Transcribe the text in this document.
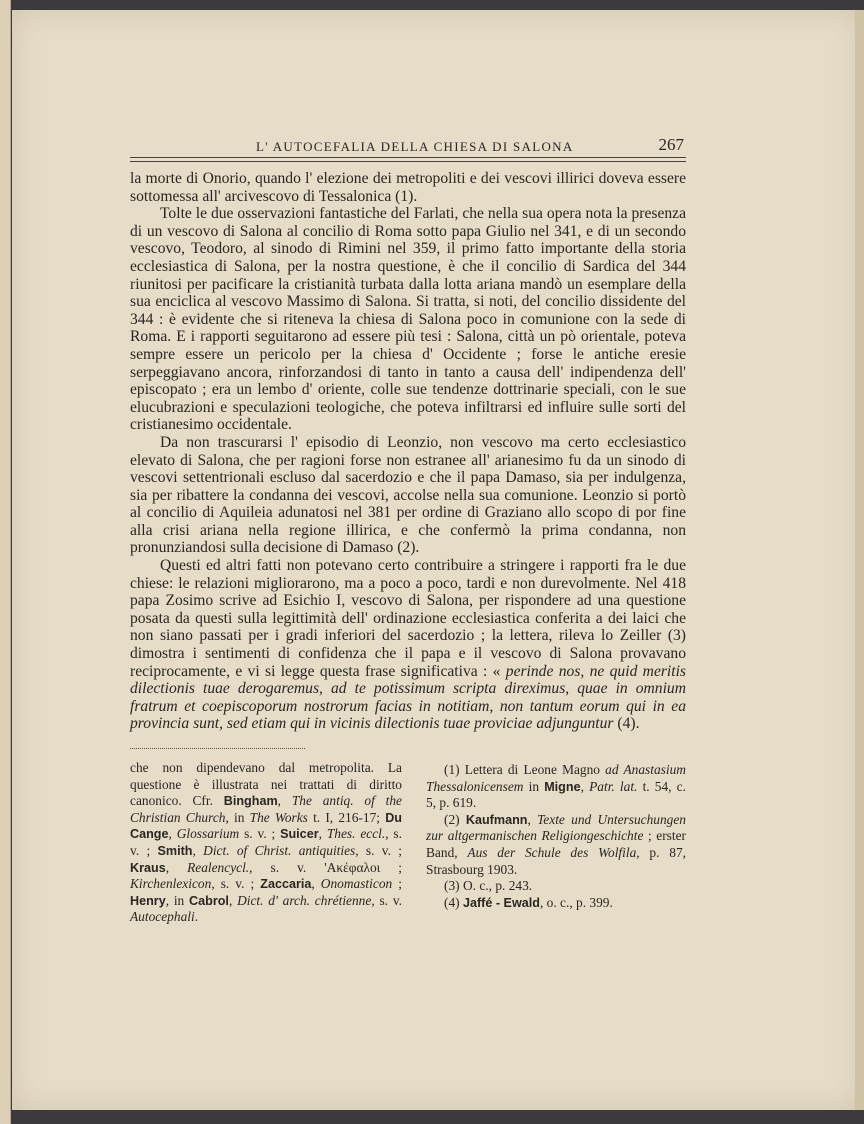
L' AUTOCEFALIA DELLA CHIESA DI SALONA	267

la morte di Onorio, quando l' elezione dei metropoliti e dei vescovi illirici doveva essere sottomessa all' arcivescovo di Tessalonica (1).

Tolte le due osservazioni fantastiche del Farlati, che nella sua opera nota la presenza di un vescovo di Salona al concilio di Roma sotto papa Giulio nel 341, e di un secondo vescovo, Teodoro, al sinodo di Rimini nel 359, il primo fatto importante della storia ecclesiastica di Salona, per la nostra questione, è che il concilio di Sardica del 344 riunitosi per pacificare la cristianità turbata dalla lotta ariana mandò un esemplare della sua enciclica al vescovo Massimo di Salona. Si tratta, si noti, del concilio dissidente del 344 : è evidente che si riteneva la chiesa di Salona poco in comunione con la sede di Roma. E i rapporti seguitarono ad essere più tesi : Salona, città un pò orientale, poteva sempre essere un pericolo per la chiesa d' Occidente ; forse le antiche eresie serpeggiavano ancora, rinforzandosi di tanto in tanto a causa dell' indipendenza dell' episcopato ; era un lembo d' oriente, colle sue tendenze dottrinarie speciali, con le sue elucubrazioni e speculazioni teologiche, che poteva infiltrarsi ed influire sulle sorti del cristianesimo occidentale.

Da non trascurarsi l' episodio di Leonzio, non vescovo ma certo ecclesiastico elevato di Salona, che per ragioni forse non estranee all' arianesimo fu da un sinodo di vescovi settentrionali escluso dal sacerdozio e che il papa Damaso, sia per indulgenza, sia per ribattere la condanna dei vescovi, accolse nella sua comunione. Leonzio si portò al concilio di Aquileia adunatosi nel 381 per ordine di Graziano allo scopo di por fine alla crisi ariana nella regione illirica, e che confermò la prima condanna, non pronunziandosi sulla decisione di Damaso (2).

Questi ed altri fatti non potevano certo contribuire a stringere i rapporti fra le due chiese: le relazioni migliorarono, ma a poco a poco, tardi e non durevolmente. Nel 418 papa Zosimo scrive ad Esichio I, vescovo di Salona, per rispondere ad una questione posata da questi sulla legittimità dell' ordinazione ecclesiastica conferita a dei laici che non siano passati per i gradi inferiori del sacerdozio ; la lettera, rileva lo Zeiller (3) dimostra i sentimenti di confidenza che il papa e il vescovo di Salona provavano reciprocamente, e vi si legge questa frase significativa : « perinde nos, ne quid meritis dilectionis tuae derogaremus, ad te potissimum scripta direximus, quae in omnium fratrum et coepiscoporum nostrorum facias in notitiam, non tantum eorum qui in ea provincia sunt, sed etiam qui in vicinis dilectionis tuae proviciae adjunguntur (4).

che non dipendevano dal metropolita. La questione è illustrata nei trattati di diritto canonico. Cfr. Bingham, The antiq. of the Christian Church, in The Works t. I, 216-17; Du Cange, Glossarium s. v. ; Suicer, Thes. eccl., s. v. ; Smith, Dict. of Christ. antiquities, s. v. ; Kraus, Realencycl., s. v. 'Ακέφαλοι ; Kirchenlexicon, s. v. ; Zaccaria, Onomasticon ; Henry, in Cabrol, Dict. d' arch. chrétienne, s. v. Autocephali.

(1) Lettera di Leone Magno ad Anastasium Thessalonicensem in Migne, Patr. lat. t. 54, c. 5, p. 619.

(2) Kaufmann, Texte und Untersuchungen zur altgermanischen Religiongeschichte ; erster Band, Aus der Schule des Wolfila, p. 87, Strasbourg 1903.

(3) O. c., p. 243.

(4) Jaffé - Ewald, o. c., p. 399.
